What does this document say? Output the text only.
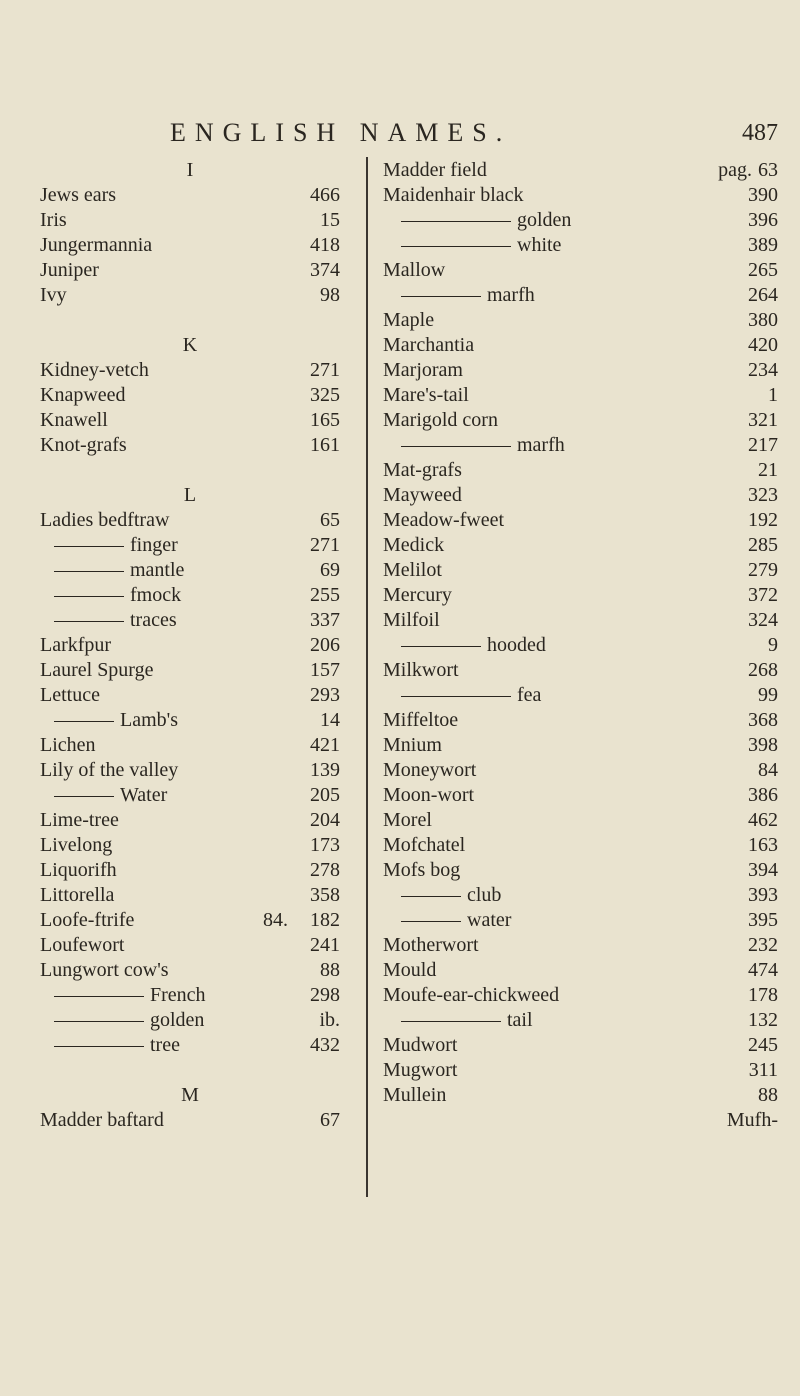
ENGLISH NAMES.	487
I
Jews ears	466
Iris	15
Jungermannia	418
Juniper	374
Ivy	98
K
Kidney-vetch	271
Knapweed	325
Knawell	165
Knot-grafs	161
L
Ladies bedftraw	65
finger	271
mantle	69
fmock	255
traces	337
Larkfpur	206
Laurel Spurge	157
Lettuce	293
Lamb's	14
Lichen	421
Lily of the valley	139
Water	205
Lime-tree	204
Livelong	173
Liquorifh	278
Littorella	358
Loofe-ftrife	84. 182
Loufewort	241
Lungwort cow's	88
French	298
golden	ib.
tree	432
M
Madder baftard	67
Madder field	pag. 63
Maidenhair black	390
golden	396
white	389
Mallow	265
marfh	264
Maple	380
Marchantia	420
Marjoram	234
Mare's-tail	1
Marigold corn	321
marfh	217
Mat-grafs	21
Mayweed	323
Meadow-fweet	192
Medick	285
Melilot	279
Mercury	372
Milfoil	324
hooded	9
Milkwort	268
fea	99
Miffeltoe	368
Mnium	398
Moneywort	84
Moon-wort	386
Morel	462
Mofchatel	163
Mofs bog	394
club	393
water	395
Motherwort	232
Mould	474
Moufe-ear-chickweed	178
tail	132
Mudwort	245
Mugwort	311
Mullein	88
Mufh-
